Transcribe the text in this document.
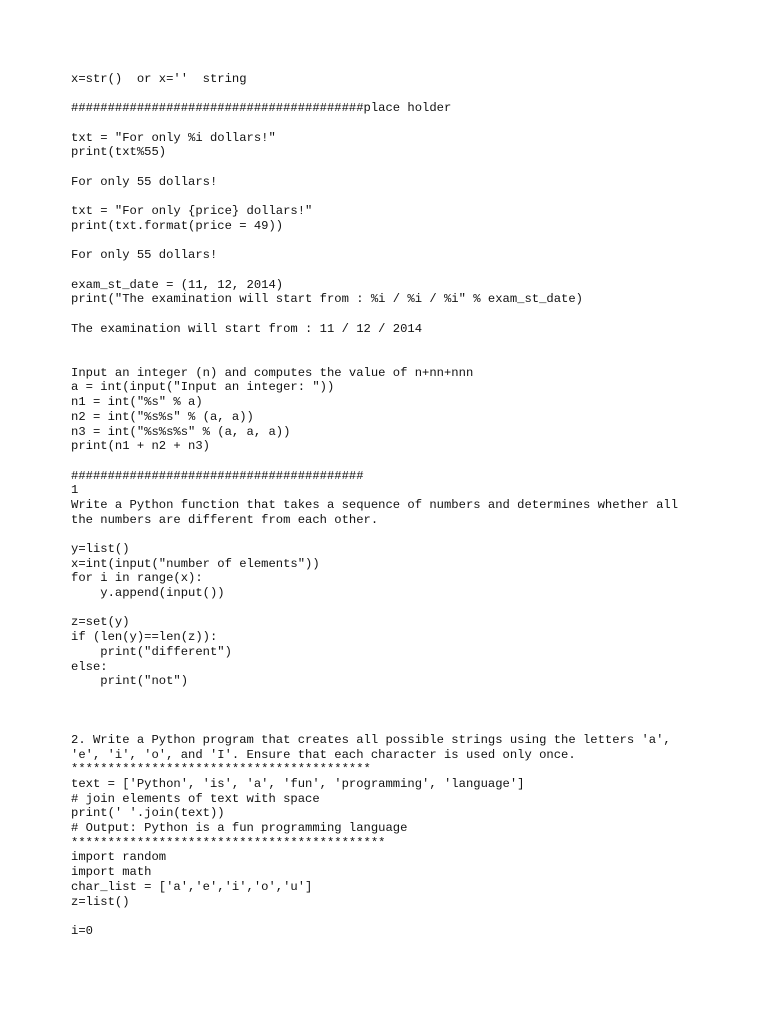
x=str()  or x=''  string
########################################place holder
txt = "For only %i dollars!"
print(txt%55)
For only 55 dollars!
txt = "For only {price} dollars!"
print(txt.format(price = 49))
For only 55 dollars!
exam_st_date = (11, 12, 2014)
print("The examination will start from : %i / %i / %i" % exam_st_date)
The examination will start from : 11 / 12 / 2014
Input an integer (n) and computes the value of n+nn+nnn
a = int(input("Input an integer: "))
n1 = int("%s" % a)
n2 = int("%s%s" % (a, a))
n3 = int("%s%s%s" % (a, a, a))
print(n1 + n2 + n3)
########################################
1
Write a Python function that takes a sequence of numbers and determines whether all
the numbers are different from each other.
y=list()
x=int(input("number of elements"))
for i in range(x):
y.append(input())
z=set(y)
if (len(y)==len(z)):
print("different")
else:
print("not")
2. Write a Python program that creates all possible strings using the letters 'a',
'e', 'i', 'o', and 'I'. Ensure that each character is used only once.
*****************************************
text = ['Python', 'is', 'a', 'fun', 'programming', 'language']
# join elements of text with space
print(' '.join(text))
# Output: Python is a fun programming language
*******************************************
import random
import math
char_list = ['a','e','i','o','u']
z=list()
i=0
